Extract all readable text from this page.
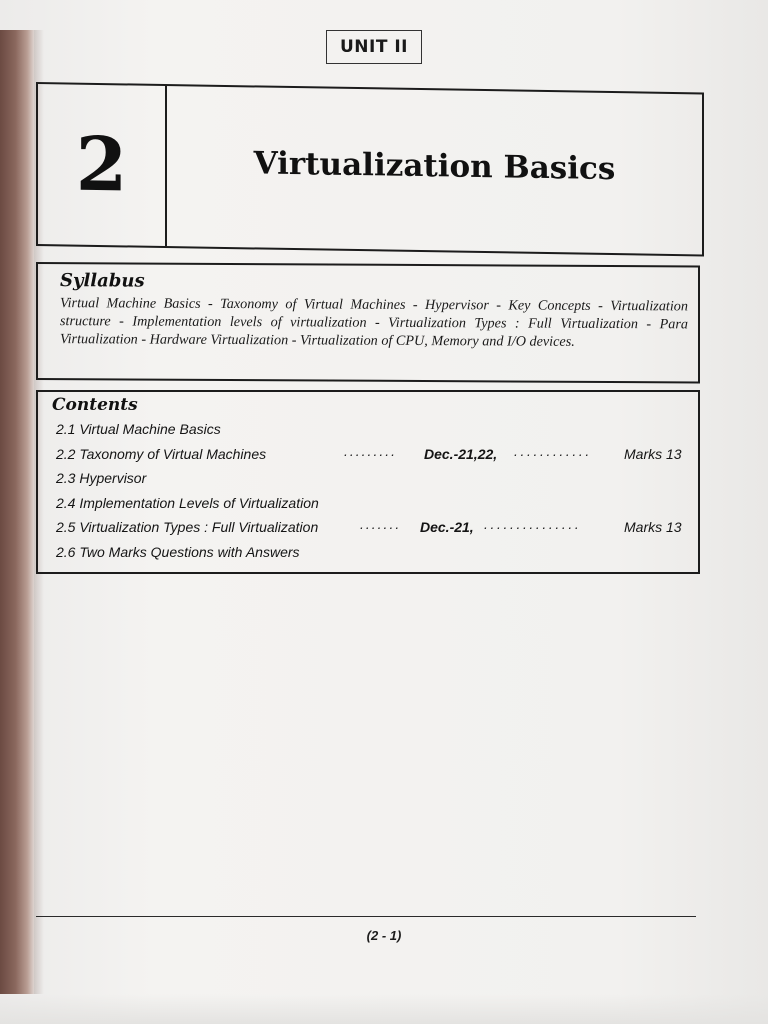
UNIT II
2	Virtualization Basics
Syllabus

Virtual Machine Basics - Taxonomy of Virtual Machines - Hypervisor - Key Concepts - Virtualization structure - Implementation levels of virtualization - Virtualization Types : Full Virtualization - Para Virtualization - Hardware Virtualization - Virtualization of CPU, Memory and I/O devices.

Contents
2.1 Virtual Machine Basics
2.2 Taxonomy of Virtual Machines	......... Dec.-21,22, ............ Marks 13
2.3 Hypervisor
2.4 Implementation Levels of Virtualization
2.5 Virtualization Types : Full Virtualization	....... Dec.-21, ...............	Marks 13
2.6 Two Marks Questions with Answers
(2 - 1)
